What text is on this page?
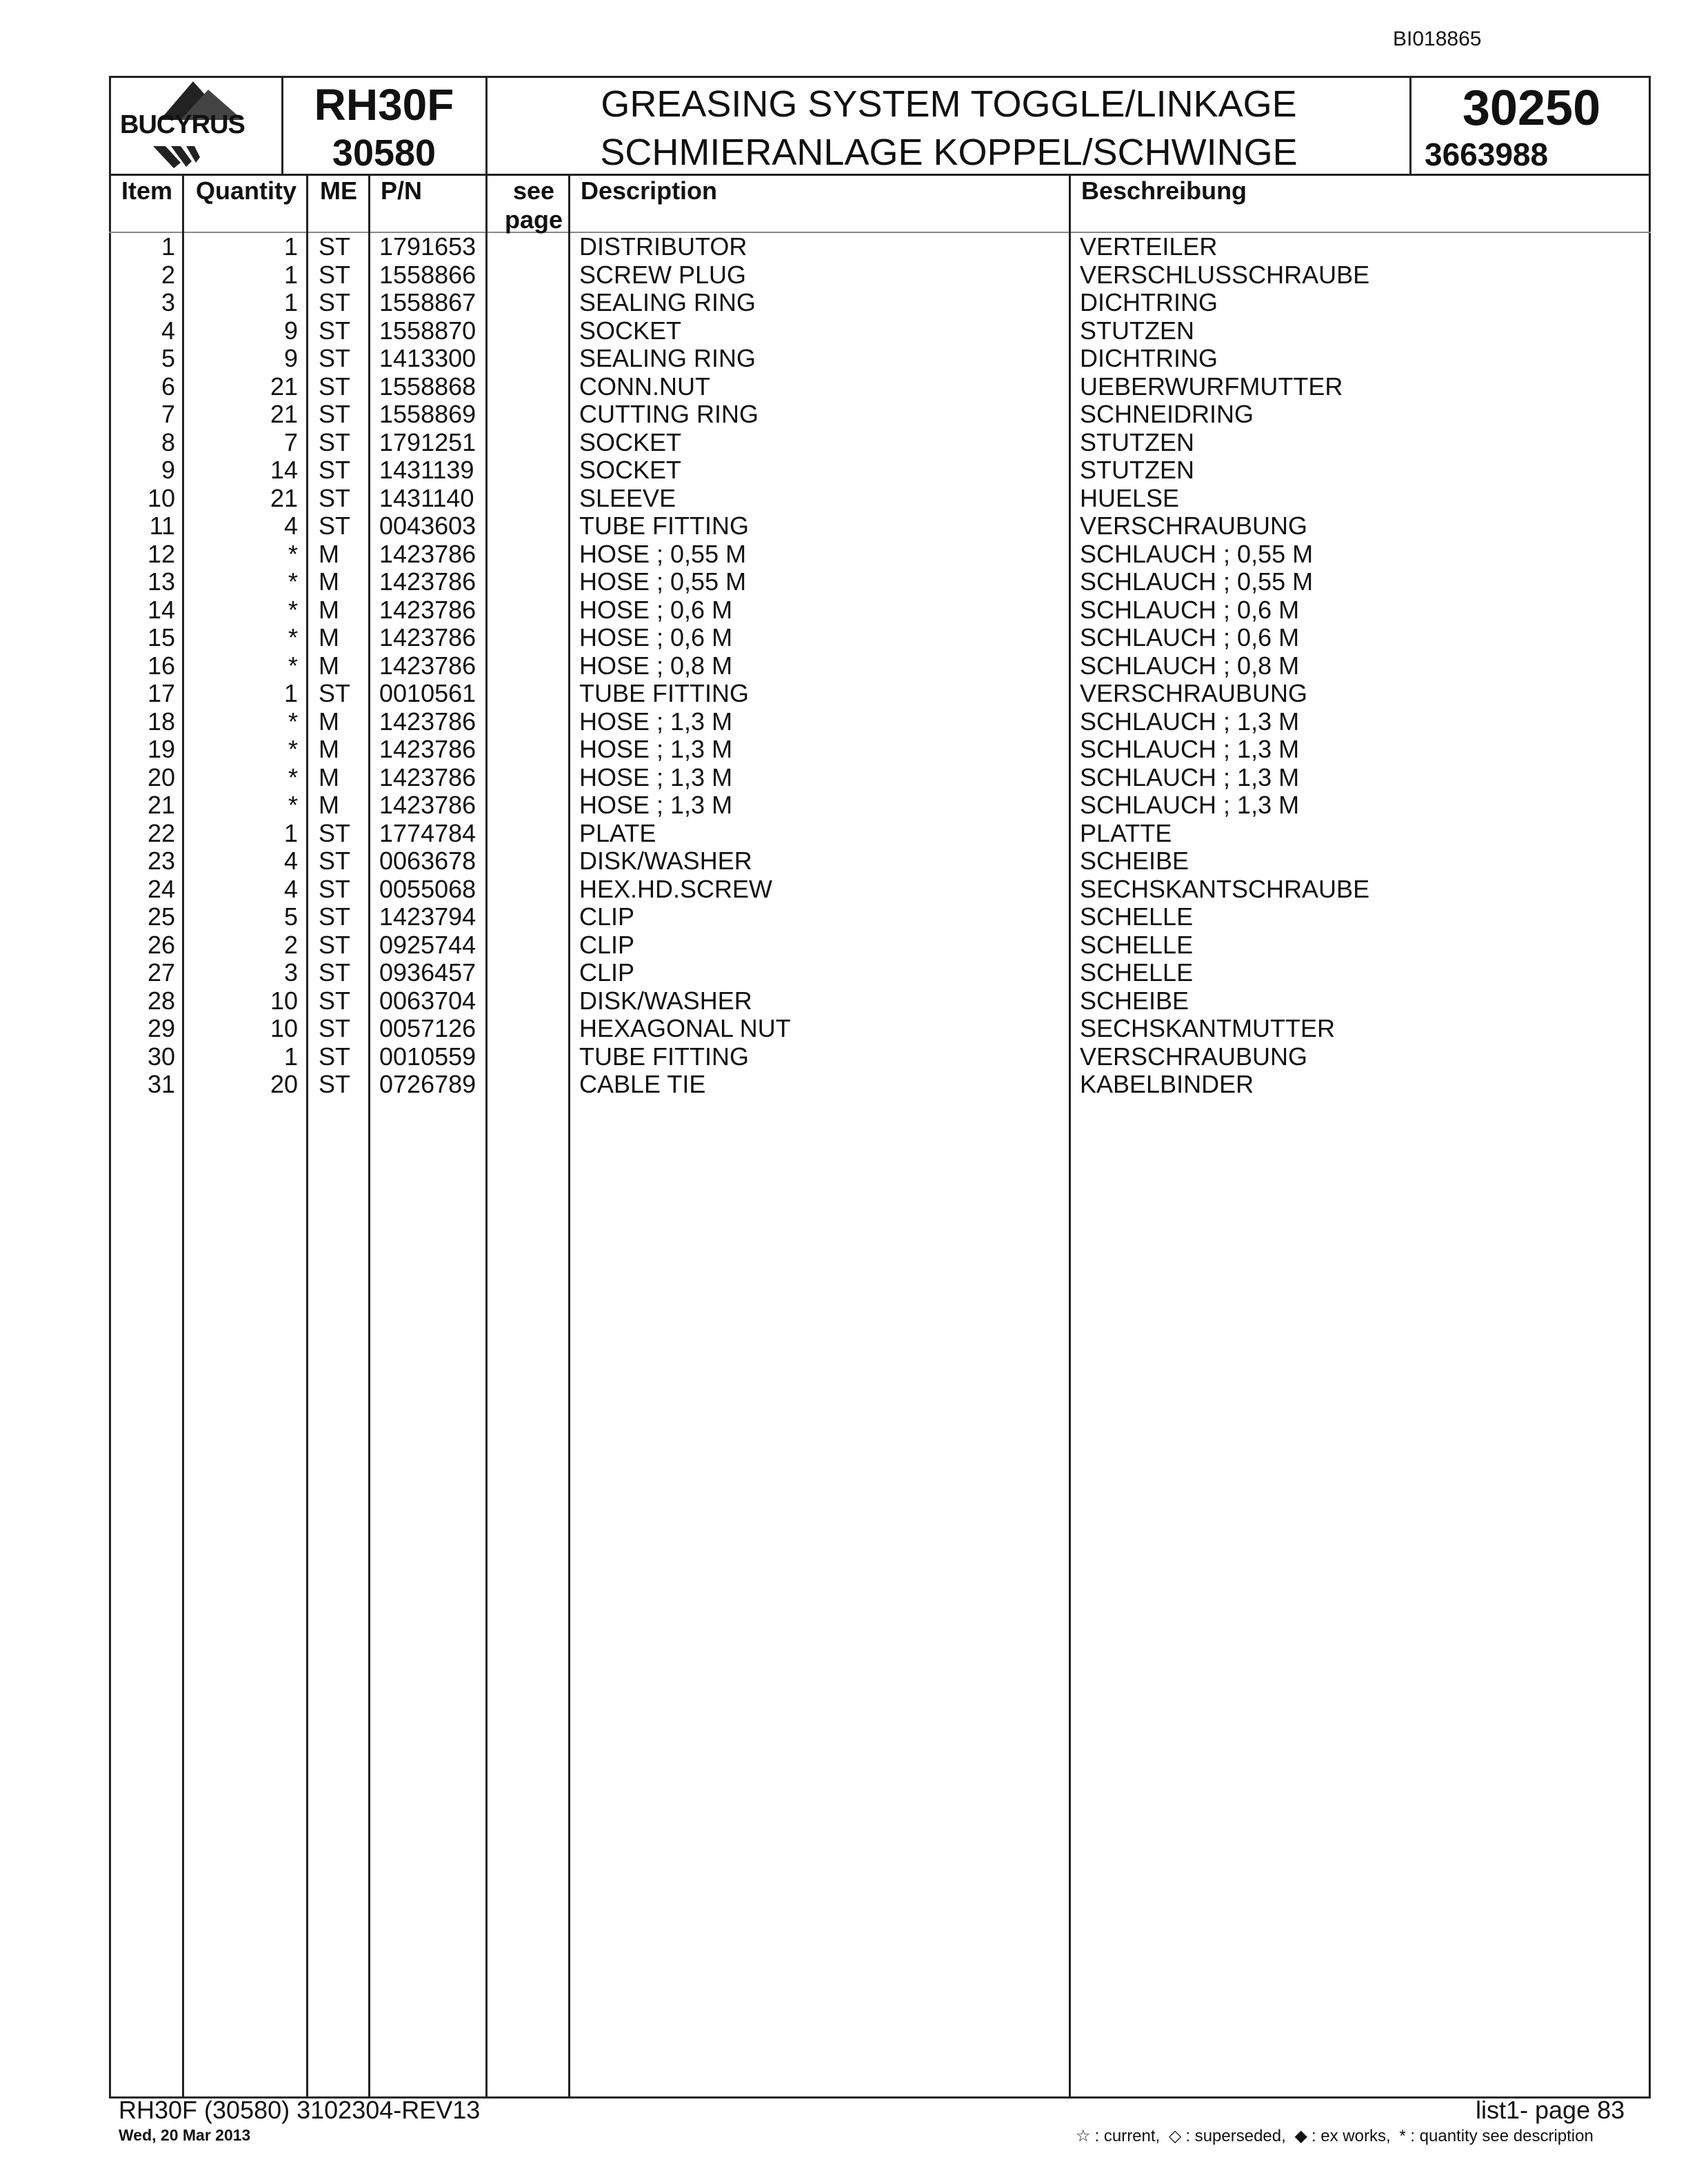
BI018865
BUCYRUS	RH30F
30580
GREASING SYSTEM TOGGLE/LINKAGE
SCHMIERANLAGE KOPPEL/SCHWINGE
30250
3663988
Item Quantity ME P/N	see
page
Description	Beschreibung
1	1 ST 1791653	DISTRIBUTOR	VERTEILER
2	1 ST 1558866	SCREW PLUG	VERSCHLUSSCHRAUBE
3	1 ST 1558867	SEALING RING	DICHTRING
4	9 ST 1558870	SOCKET	STUTZEN
5	9 ST 1413300	SEALING RING	DICHTRING
6	21 ST 1558868	CONN.NUT	UEBERWURFMUTTER
7	21 ST 1558869	CUTTING RING	SCHNEIDRING
8	7 ST 1791251	SOCKET	STUTZEN
9	14 ST 1431139	SOCKET	STUTZEN
10	21 ST 1431140	SLEEVE	HUELSE
11	4 ST 0043603	TUBE FITTING	VERSCHRAUBUNG
12	* M 1423786	HOSE ; 0,55 M	SCHLAUCH ; 0,55 M
13	* M 1423786	HOSE ; 0,55 M	SCHLAUCH ; 0,55 M
14	* M 1423786	HOSE ; 0,6 M	SCHLAUCH ; 0,6 M
15	* M 1423786	HOSE ; 0,6 M	SCHLAUCH ; 0,6 M
16	* M 1423786	HOSE ; 0,8 M	SCHLAUCH ; 0,8 M
17	1 ST 0010561	TUBE FITTING	VERSCHRAUBUNG
18	* M 1423786	HOSE ; 1,3 M	SCHLAUCH ; 1,3 M
19	* M 1423786	HOSE ; 1,3 M	SCHLAUCH ; 1,3 M
20	* M 1423786	HOSE ; 1,3 M	SCHLAUCH ; 1,3 M
21	* M 1423786	HOSE ; 1,3 M	SCHLAUCH ; 1,3 M
22	1 ST 1774784	PLATE	PLATTE
23	4 ST 0063678	DISK/WASHER	SCHEIBE
24	4 ST 0055068	HEX.HD.SCREW	SECHSKANTSCHRAUBE
25	5 ST 1423794	CLIP	SCHELLE
26	2 ST 0925744	CLIP	SCHELLE
27	3 ST 0936457	CLIP	SCHELLE
28	10 ST 0063704	DISK/WASHER	SCHEIBE
29	10 ST 0057126	HEXAGONAL NUT	SECHSKANTMUTTER
30	1 ST 0010559	TUBE FITTING	VERSCHRAUBUNG
31	20 ST 0726789	CABLE TIE	KABELBINDER
RH30F (30580) 3102304-REV13
Wed, 20 Mar 2013
list1- page 83
☆ : current, ◇ : superseded, ◆ : ex works, * : quantity see description
